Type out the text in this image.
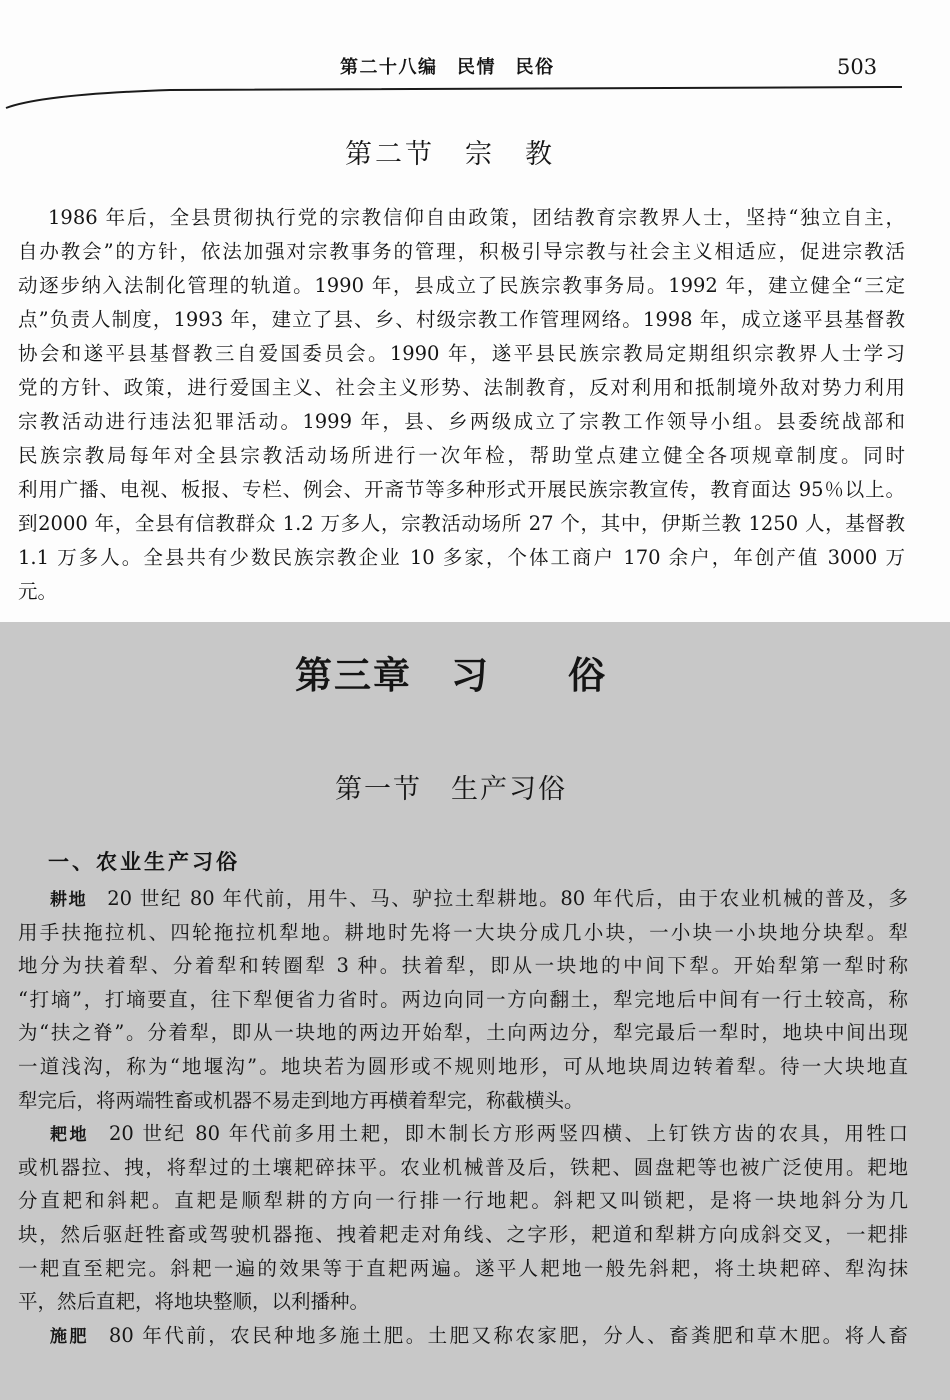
第二十八编　民情　民俗	503
第二节　宗　教
1986 年后，全县贯彻执行党的宗教信仰自由政策，团结教育宗教界人士，坚持“独立自主，
自办教会”的方针，依法加强对宗教事务的管理，积极引导宗教与社会主义相适应，促进宗教活
动逐步纳入法制化管理的轨道。1990 年，县成立了民族宗教事务局。1992 年，建立健全“三定
点”负责人制度，1993 年，建立了县、乡、村级宗教工作管理网络。1998 年，成立遂平县基督教
协会和遂平县基督教三自爱国委员会。1990 年，遂平县民族宗教局定期组织宗教界人士学习
党的方针、政策，进行爱国主义、社会主义形势、法制教育，反对利用和抵制境外敌对势力利用
宗教活动进行违法犯罪活动。1999 年，县、乡两级成立了宗教工作领导小组。县委统战部和
民族宗教局每年对全县宗教活动场所进行一次年检，帮助堂点建立健全各项规章制度。同时
利用广播、电视、板报、专栏、例会、开斋节等多种形式开展民族宗教宣传，教育面达 95％以上。
到2000 年，全县有信教群众 1.2 万多人，宗教活动场所 27 个，其中，伊斯兰教 1250 人，基督教
1.1 万多人。全县共有少数民族宗教企业 10 多家，个体工商户 170 余户，年创产值 3000 万
元。
第三章　习　　俗
第一节　生产习俗
一、农业生产习俗
耕地 20 世纪 80 年代前，用牛、马、驴拉土犁耕地。80 年代后，由于农业机械的普及，多
用手扶拖拉机、四轮拖拉机犁地。耕地时先将一大块分成几小块，一小块一小块地分块犁。犁
地分为扶着犁、分着犁和转圈犁 3 种。扶着犁，即从一块地的中间下犁。开始犁第一犁时称
“打墒”，打墒要直，往下犁便省力省时。两边向同一方向翻土，犁完地后中间有一行土较高，称
为“扶之脊”。分着犁，即从一块地的两边开始犁，土向两边分，犁完最后一犁时，地块中间出现
一道浅沟，称为“地堰沟”。地块若为圆形或不规则地形，可从地块周边转着犁。待一大块地直
犁完后，将两端牲畜或机器不易走到地方再横着犁完，称截横头。
耙地 20 世纪 80 年代前多用土耙，即木制长方形两竖四横、上钉铁方齿的农具，用牲口
或机器拉、拽，将犁过的土壤耙碎抹平。农业机械普及后，铁耙、圆盘耙等也被广泛使用。耙地
分直耙和斜耙。直耙是顺犁耕的方向一行排一行地耙。斜耙又叫锁耙，是将一块地斜分为几
块，然后驱赶牲畜或驾驶机器拖、拽着耙走对角线、之字形，耙道和犁耕方向成斜交叉，一耙排
一耙直至耙完。斜耙一遍的效果等于直耙两遍。遂平人耙地一般先斜耙，将土块耙碎、犁沟抹
平，然后直耙，将地块整顺，以利播种。
施肥 80 年代前，农民种地多施土肥。土肥又称农家肥，分人、畜粪肥和草木肥。将人畜
